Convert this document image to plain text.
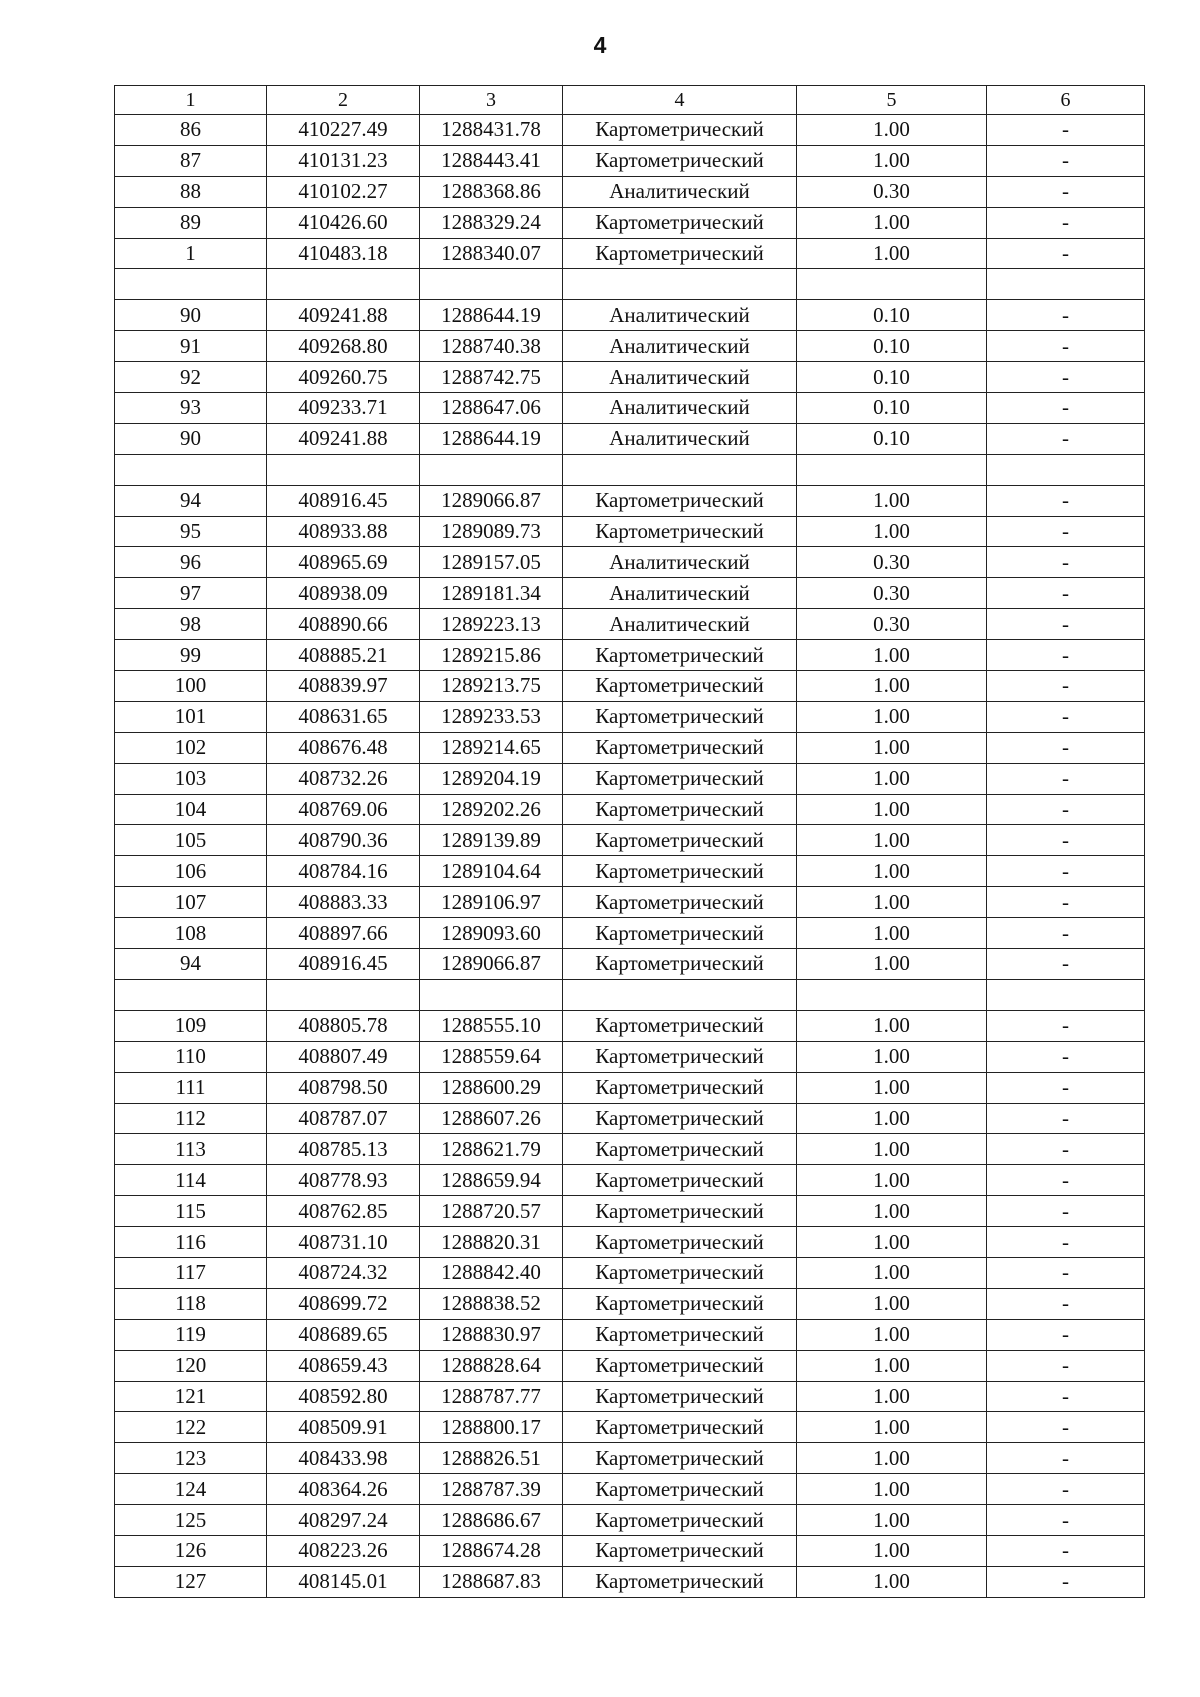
4
1	2	3	4	5	6
86	410227.49	1288431.78	Картометрический	1.00	-
87	410131.23	1288443.41	Картометрический	1.00	-
88	410102.27	1288368.86	Аналитический	0.30	-
89	410426.60	1288329.24	Картометрический	1.00	-
1	410483.18	1288340.07	Картометрический	1.00	-

90	409241.88	1288644.19	Аналитический	0.10	-
91	409268.80	1288740.38	Аналитический	0.10	-
92	409260.75	1288742.75	Аналитический	0.10	-
93	409233.71	1288647.06	Аналитический	0.10	-
90	409241.88	1288644.19	Аналитический	0.10	-

94	408916.45	1289066.87	Картометрический	1.00	-
95	408933.88	1289089.73	Картометрический	1.00	-
96	408965.69	1289157.05	Аналитический	0.30	-
97	408938.09	1289181.34	Аналитический	0.30	-
98	408890.66	1289223.13	Аналитический	0.30	-
99	408885.21	1289215.86	Картометрический	1.00	-
100	408839.97	1289213.75	Картометрический	1.00	-
101	408631.65	1289233.53	Картометрический	1.00	-
102	408676.48	1289214.65	Картометрический	1.00	-
103	408732.26	1289204.19	Картометрический	1.00	-
104	408769.06	1289202.26	Картометрический	1.00	-
105	408790.36	1289139.89	Картометрический	1.00	-
106	408784.16	1289104.64	Картометрический	1.00	-
107	408883.33	1289106.97	Картометрический	1.00	-
108	408897.66	1289093.60	Картометрический	1.00	-
94	408916.45	1289066.87	Картометрический	1.00	-

109	408805.78	1288555.10	Картометрический	1.00	-
110	408807.49	1288559.64	Картометрический	1.00	-
111	408798.50	1288600.29	Картометрический	1.00	-
112	408787.07	1288607.26	Картометрический	1.00	-
113	408785.13	1288621.79	Картометрический	1.00	-
114	408778.93	1288659.94	Картометрический	1.00	-
115	408762.85	1288720.57	Картометрический	1.00	-
116	408731.10	1288820.31	Картометрический	1.00	-
117	408724.32	1288842.40	Картометрический	1.00	-
118	408699.72	1288838.52	Картометрический	1.00	-
119	408689.65	1288830.97	Картометрический	1.00	-
120	408659.43	1288828.64	Картометрический	1.00	-
121	408592.80	1288787.77	Картометрический	1.00	-
122	408509.91	1288800.17	Картометрический	1.00	-
123	408433.98	1288826.51	Картометрический	1.00	-
124	408364.26	1288787.39	Картометрический	1.00	-
125	408297.24	1288686.67	Картометрический	1.00	-
126	408223.26	1288674.28	Картометрический	1.00	-
127	408145.01	1288687.83	Картометрический	1.00	-
